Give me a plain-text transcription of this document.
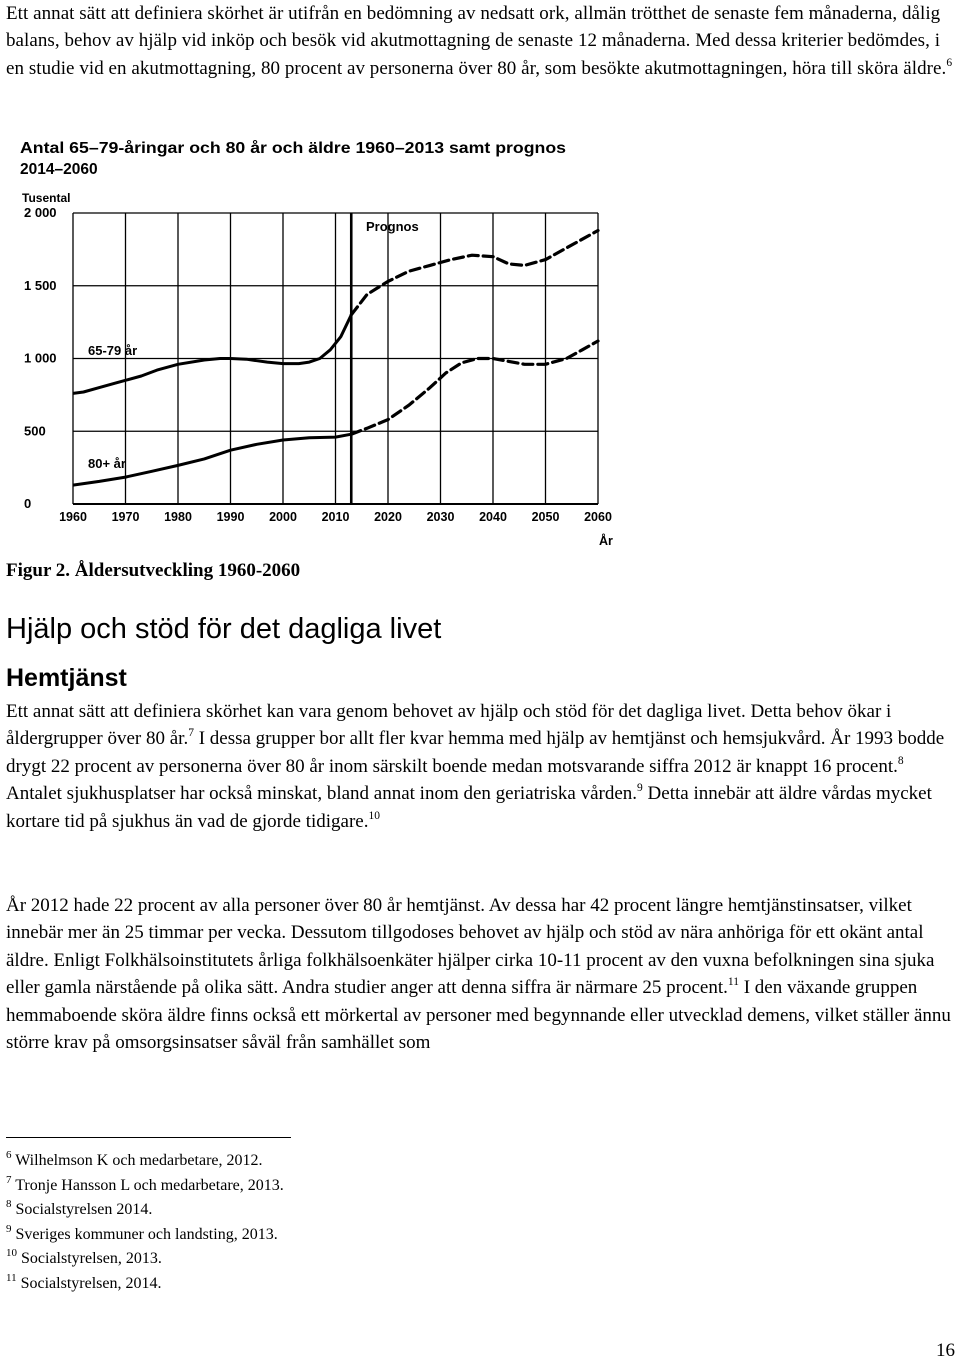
Ett annat sätt att definiera skörhet är utifrån en bedömning av nedsatt ork, allmän trötthet de senaste fem månaderna, dålig balans, behov av hjälp vid inköp och besök vid akutmottagning de senaste 12 månaderna. Med dessa kriterier bedömdes, i en studie vid en akutmottagning, 80 procent av personerna över 80 år, som besökte akutmottagningen, höra till sköra äldre.$^6$

Antal 65–79-åringar och 80 år och äldre 1960–2013 samt prognos
2014–2060
Tusental
0
500
1 000
1 500
2 000
1960 1970 1980 1990 2000 2010 2020 2030 2040 2050 2060
År
Prognos
65-79 år
80+ år
Figur 2. Åldersutveckling 1960-2060
Hjälp och stöd för det dagliga livet
Hemtjänst

Ett annat sätt att definiera skörhet kan vara genom behovet av hjälp och stöd för det dagliga livet. Detta behov ökar i åldergrupper över 80 år.$^7$ I dessa grupper bor allt fler kvar hemma med hjälp av hemtjänst och hemsjukvård. År 1993 bodde drygt 22 procent av personerna över 80 år inom särskilt boende medan motsvarande siffra 2012 är knappt 16 procent.$^8$ Antalet sjukhusplatser har också minskat, bland annat inom den geriatriska vården.$^9$ Detta innebär att äldre vårdas mycket kortare tid på sjukhus än vad de gjorde tidigare.$^{10}$

År 2012 hade 22 procent av alla personer över 80 år hemtjänst. Av dessa har 42 procent längre hemtjänstinsatser, vilket innebär mer än 25 timmar per vecka. Dessutom tillgodoses behovet av hjälp och stöd av nära anhöriga för ett okänt antal äldre. Enligt Folkhälsoinstitutets årliga folkhälsoenkäter hjälper cirka 10-11 procent av den vuxna befolkningen sina sjuka eller gamla närstående på olika sätt. Andra studier anger att denna siffra är närmare 25 procent.$^{11}$ I den växande gruppen hemmaboende sköra äldre finns också ett mörkertal av personer med begynnande eller utvecklad demens, vilket ställer ännu större krav på omsorgsinsatser såväl från samhället som

$^6$ Wilhelmson K och medarbetare, 2012.
$^7$ Tronje Hansson L och medarbetare, 2013.
$^8$ Socialstyrelsen 2014.
$^9$ Sveriges kommuner och landsting, 2013.
$^{10}$ Socialstyrelsen, 2013.
$^{11}$ Socialstyrelsen, 2014.
16
